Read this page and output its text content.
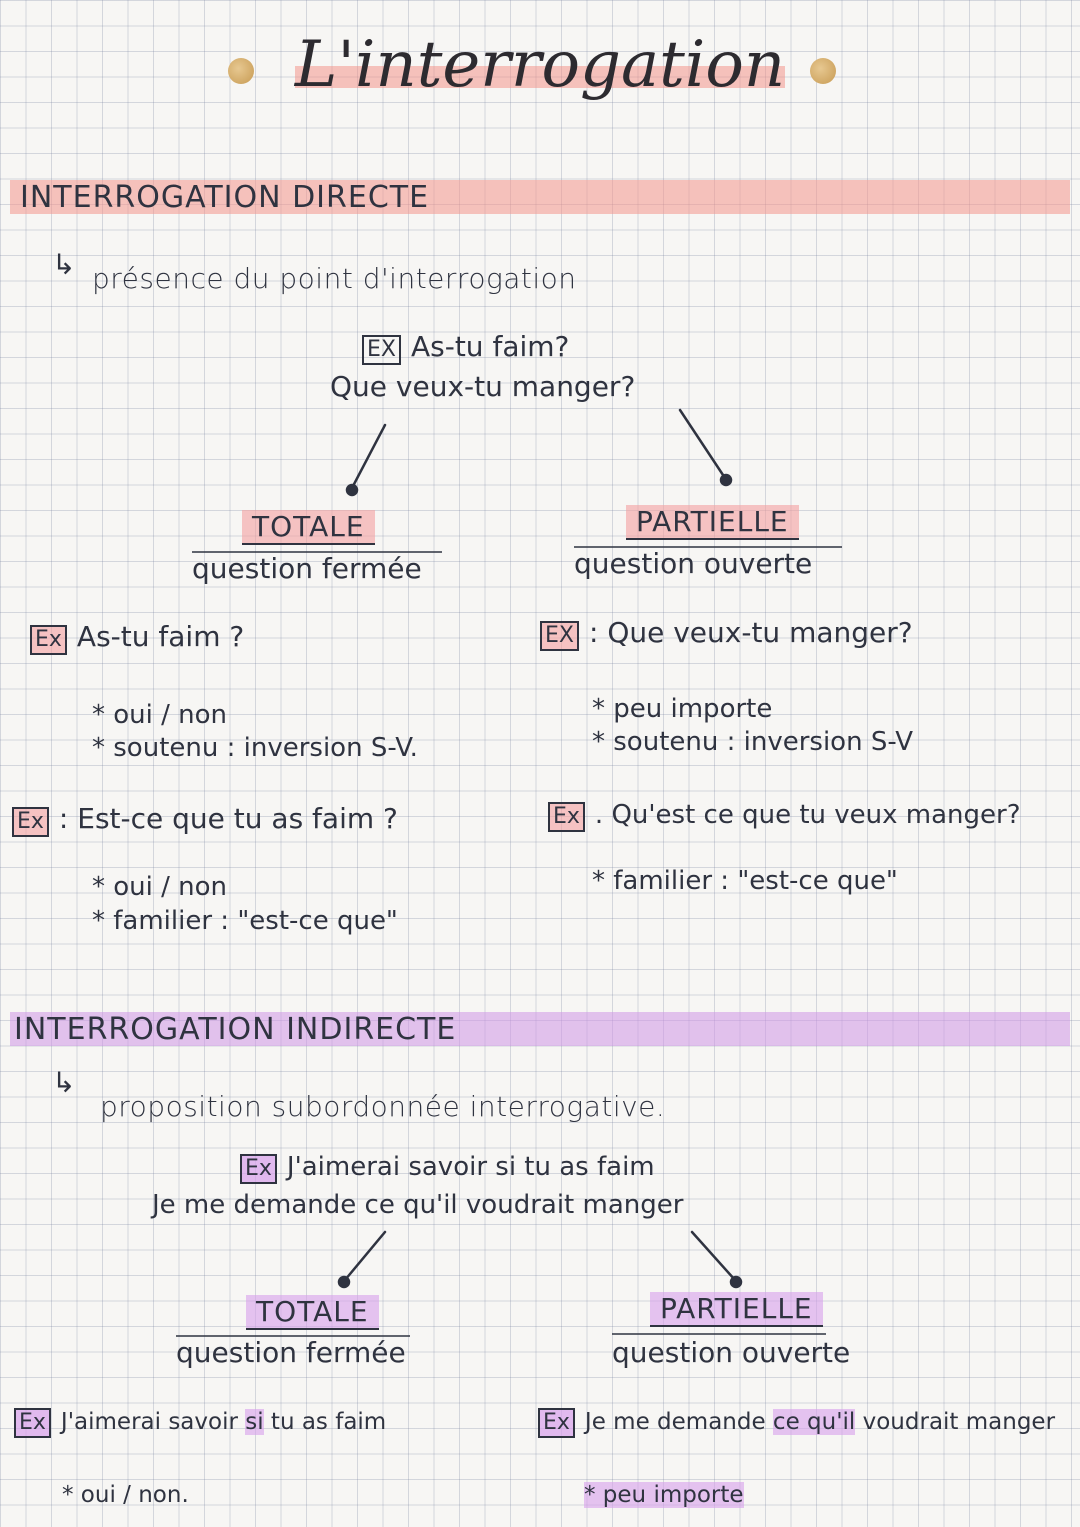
L'interrogation
INTERROGATION DIRECTE
↳ présence du point d'interrogation
EX As-tu faim?
Que veux-tu manger?
TOTALE
question fermée
Ex As-tu faim ?
* oui / non
* soutenu : inversion S-V.
Ex : Est-ce que tu as faim ?
* oui / non
* familier : "est-ce que"
PARTIELLE
question ouverte
EX : Que veux-tu manger?
* peu importe
* soutenu : inversion S-V
Ex . Qu'est ce que tu veux manger?
* familier : "est-ce que"
INTERROGATION INDIRECTE
↳
proposition subordonnée interrogative.
Ex J'aimerai savoir si tu as faim
Je me demande ce qu'il voudrait manger
TOTALE
question fermée
Ex J'aimerai savoir si tu as faim
* oui / non.
PARTIELLE
question ouverte
Ex Je me demande ce qu'il voudrait manger
* peu importe
